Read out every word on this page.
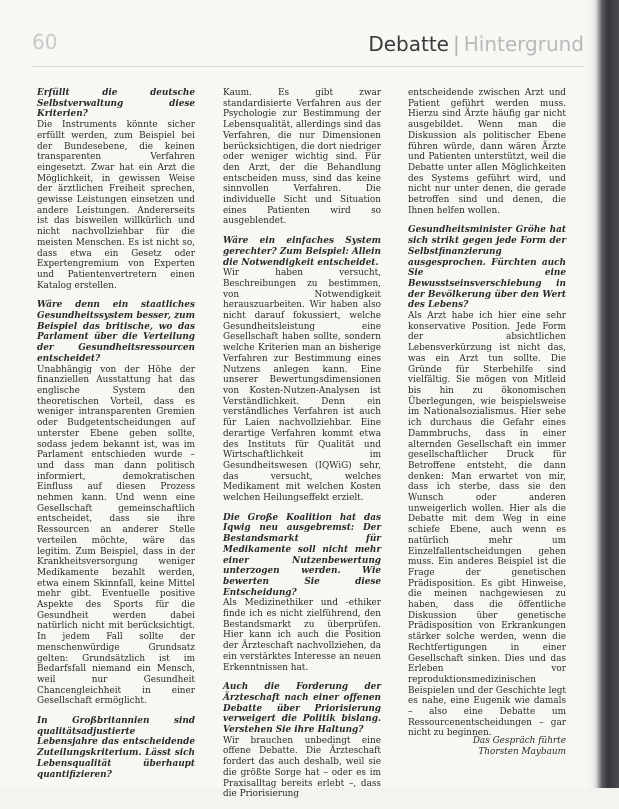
60	Debatte | Hintergrund

Erfüllt die deutsche Selbstverwaltung diese Kriterien?

Die Instruments könnte sicher erfüllt werden, zum Beispiel bei der Bundesebene, die keinen transparenten Verfahren eingesetzt. Zwar hat ein Arzt die Möglichkeit, in gewissen Weise der ärztlichen Freiheit sprechen, gewisse Leistungen einsetzen und andere Leistungen. Andererseits ist das bisweilen willkürlich und nicht nachvollziehbar für die meisten Menschen. Es ist nicht so, dass etwa ein Gesetz oder Expertengremium von Experten und Patientenvertretern einen Katalog erstellen.

Wäre denn ein staatliches Gesundheitssystem besser, zum Beispiel das britische, wo das Parlament über die Verteilung der Gesundheitsressourcen entscheidet?

Unabhängig von der Höhe der finanziellen Ausstattung hat das englische System den theoretischen Vorteil, dass es weniger intransparenten Gremien oder Budgetentscheidungen auf unterster Ebene geben sollte, sodass jedem bekannt ist, was im Parlament entschieden wurde – und dass man dann politisch informiert, demokratischen Einfluss auf diesen Prozess nehmen kann. Und wenn eine Gesellschaft gemeinschaftlich entscheidet, dass sie ihre Ressourcen an anderer Stelle verteilen möchte, wäre das legitim. Zum Beispiel, dass in der Krankheitsversorgung weniger Medikamente bezahlt werden, etwa einem Skinnfall, keine Mittel mehr gibt. Eventuelle positive Aspekte des Sports für die Gesundheit werden dabei natürlich nicht mit berücksichtigt. In jedem Fall sollte der menschenwürdige Grundsatz gelten: Grundsätzlich ist im Bedarfsfall niemand ein Mensch, weil nur Gesundheit Chancengleichheit in einer Gesellschaft ermöglicht.

In Großbritannien sind qualitätsadjustierte Lebensjahre das entscheidende Zuteilungskriterium. Lässt sich Lebensqualität überhaupt quantifizieren?

Kaum. Es gibt zwar standardisierte Verfahren aus der Psychologie zur Bestimmung der Lebensqualität, allerdings sind das Verfahren, die nur Dimensionen berücksichtigen, die dort niedriger oder weniger wichtig sind. Für den Arzt, der die Behandlung entscheiden muss, sind das keine sinnvollen Verfahren. Die individuelle Sicht und Situation eines Patienten wird so ausgeblendet.

Wäre ein einfaches System gerechter? Zum Beispiel: Allein die Notwendigkeit entscheidet.

Wir haben versucht, Beschreibungen zu bestimmen, von Notwendigkeit herauszuarbeiten. Wir haben also nicht darauf fokussiert, welche Gesundheitsleistung eine Gesellschaft haben sollte, sondern welche Kriterien man an bisherige Verfahren zur Bestimmung eines Nutzens anlegen kann. Eine unserer Bewertungsdimensionen von Kosten-Nutzen-Analysen ist Verständlichkeit. Denn ein verständliches Verfahren ist auch für Laien nachvollziehbar. Eine derartige Verfahren kommt etwa des Instituts für Qualität und Wirtschaftlichkeit im Gesundheitswesen (IQWiG) sehr, das versucht, welches Medikament mit welchen Kosten welchen Heilungseffekt erzielt.

Die Große Koalition hat das Iqwig neu ausgebremst: Der Bestandsmarkt für Medikamente soll nicht mehr einer Nutzenbewertung unterzogen werden. Wie bewerten Sie diese Entscheidung?

Als Medizinethiker und -ethiker finde ich es nicht zielführend, den Bestandsmarkt zu überprüfen. Hier kann ich auch die Position der Ärzteschaft nachvollziehen, da ein verstärktes Interesse an neuen Erkenntnissen hat.

Auch die Forderung der Ärzteschaft nach einer offenen Debatte über Priorisierung verweigert die Politik bislang. Verstehen Sie ihre Haltung?

Wir brauchen unbedingt eine offene Debatte. Die Ärzteschaft fordert das auch deshalb, weil sie die größte Sorge hat – oder es im Praxisalltag bereits erlebt –, dass die Priorisierung

entscheidende zwischen Arzt und Patient geführt werden muss. Hierzu sind Ärzte häufig gar nicht ausgebildet. Wenn man die Diskussion als politischer Ebene führen würde, dann wären Ärzte und Patienten unterstützt, weil die Debatte unter allen Möglichkeiten des Systems geführt wird, und nicht nur unter denen, die gerade betroffen sind und denen, die Ihnen helfen wollen.

Gesundheitsminister Gröhe hat sich strikt gegen jede Form der Selbstfinanzierung ausgesprochen. Fürchten auch Sie eine Bewusstseinsverschiebung in der Bevölkerung über den Wert des Lebens?

Als Arzt habe ich hier eine sehr konservative Position. Jede Form der absichtlichen Lebensverkürzung ist nicht das, was ein Arzt tun sollte. Die Gründe für Sterbehilfe sind vielfältig. Sie mögen von Mitleid bis hin zu ökonomischen Überlegungen, wie beispielsweise im Nationalsozialismus. Hier sehe ich durchaus die Gefahr eines Dammbruchs, dass in einer alternden Gesellschaft ein immer gesellschaftlicher Druck für Betroffene entsteht, die dann denken: Man erwartet von mir, dass ich sterbe, dass sie den Wunsch oder anderen unweigerlich wollen. Hier als die Debatte mit dem Weg in eine schiefe Ebene, auch wenn es natürlich mehr um Einzelfallentscheidungen gehen muss. Ein anderes Beispiel ist die Frage der genetischen Prädisposition. Es gibt Hinweise, die meinen nachgewiesen zu haben, dass die öffentliche Diskussion über genetische Prädisposition von Erkrankungen stärker solche werden, wenn die Rechtfertigungen in einer Gesellschaft sinken. Dies und das Erleben vor reproduktionsmedizinischen Beispielen und der Geschichte legt es nahe, eine Eugenik wie damals – also eine Debatte um Ressourcenentscheidungen – gar nicht zu beginnen.

Das Gespräch führte
Thorsten Maybaum
